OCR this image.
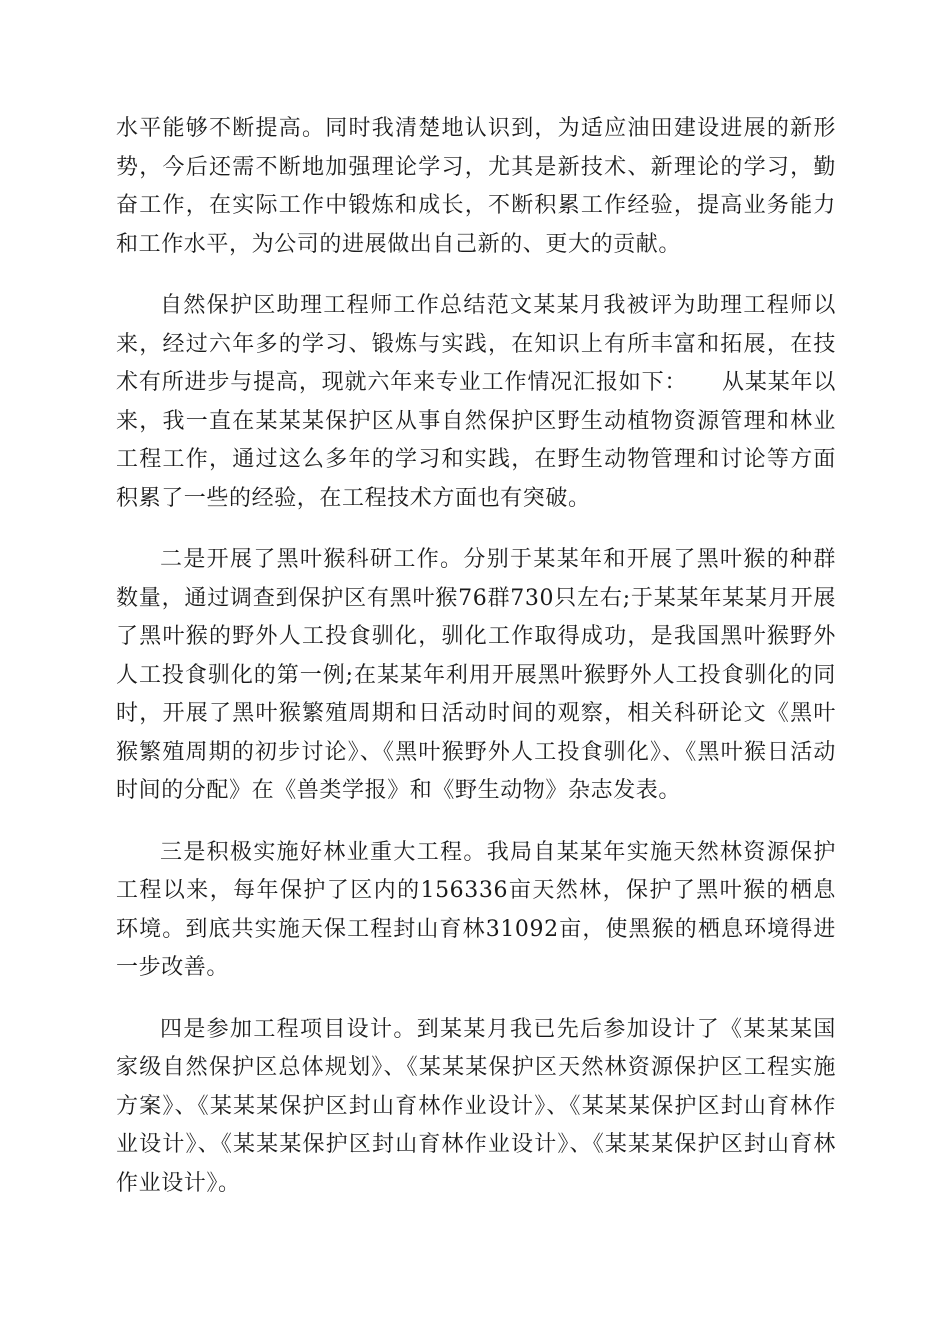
水平能够不断提高。同时我清楚地认识到，为适应油田建设进展的新形势，今后还需不断地加强理论学习，尤其是新技术、新理论的学习，勤奋工作，在实际工作中锻炼和成长，不断积累工作经验，提高业务能力和工作水平，为公司的进展做出自己新的、更大的贡献。

自然保护区助理工程师工作总结范文某某月我被评为助理工程师以来，经过六年多的学习、锻炼与实践，在知识上有所丰富和拓展，在技术有所进步与提高，现就六年来专业工作情况汇报如下：　　从某某年以来，我一直在某某某保护区从事自然保护区野生动植物资源管理和林业工程工作，通过这么多年的学习和实践，在野生动物管理和讨论等方面积累了一些的经验，在工程技术方面也有突破。

二是开展了黑叶猴科研工作。分别于某某年和开展了黑叶猴的种群数量，通过调查到保护区有黑叶猴76群730只左右;于某某年某某月开展了黑叶猴的野外人工投食驯化，驯化工作取得成功，是我国黑叶猴野外人工投食驯化的第一例;在某某年利用开展黑叶猴野外人工投食驯化的同时，开展了黑叶猴繁殖周期和日活动时间的观察，相关科研论文《黑叶猴繁殖周期的初步讨论》、《黑叶猴野外人工投食驯化》、《黑叶猴日活动时间的分配》在《兽类学报》和《野生动物》杂志发表。

三是积极实施好林业重大工程。我局自某某年实施天然林资源保护工程以来，每年保护了区内的156336亩天然林，保护了黑叶猴的栖息环境。到底共实施天保工程封山育林31092亩，使黑猴的栖息环境得进一步改善。

四是参加工程项目设计。到某某月我已先后参加设计了《某某某国家级自然保护区总体规划》、《某某某保护区天然林资源保护区工程实施方案》、《某某某保护区封山育林作业设计》、《某某某保护区封山育林作业设计》、《某某某保护区封山育林作业设计》、《某某某保护区封山育林作业设计》。
